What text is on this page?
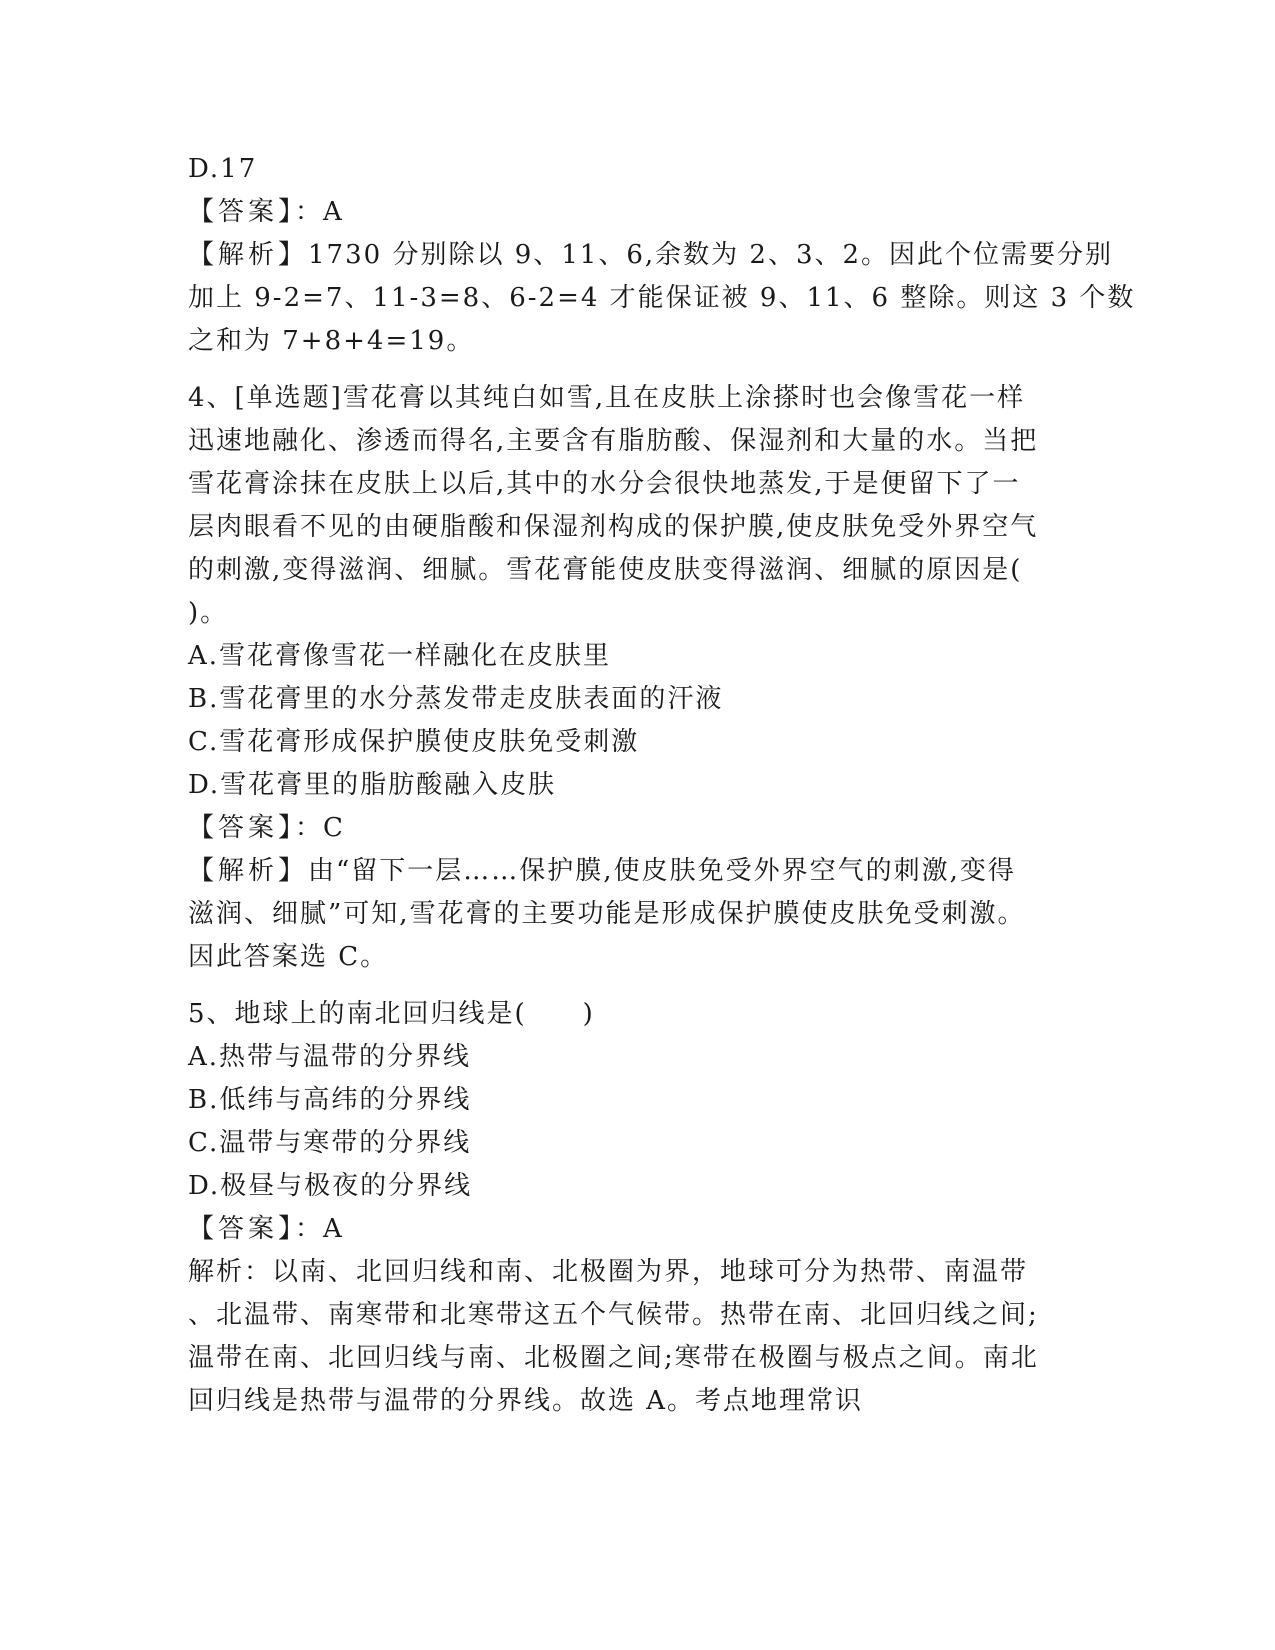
D.17
【答案】：A
【解析】1730 分别除以 9、11、6,余数为 2、3、2。因此个位需要分别
加上 9-2=7、11-3=8、6-2=4 才能保证被 9、11、6 整除。则这 3 个数
之和为 7+8+4=19。
4、[单选题]雪花膏以其纯白如雪,且在皮肤上涂搽时也会像雪花一样
迅速地融化、渗透而得名,主要含有脂肪酸、保湿剂和大量的水。当把
雪花膏涂抹在皮肤上以后,其中的水分会很快地蒸发,于是便留下了一
层肉眼看不见的由硬脂酸和保湿剂构成的保护膜,使皮肤免受外界空气
的刺激,变得滋润、细腻。雪花膏能使皮肤变得滋润、细腻的原因是(
)。
A.雪花膏像雪花一样融化在皮肤里
B.雪花膏里的水分蒸发带走皮肤表面的汗液
C.雪花膏形成保护膜使皮肤免受刺激
D.雪花膏里的脂肪酸融入皮肤
【答案】：C
【解析】由“留下一层……保护膜,使皮肤免受外界空气的刺激,变得
滋润、细腻”可知,雪花膏的主要功能是形成保护膜使皮肤免受刺激。
因此答案选 C。
5、地球上的南北回归线是(　　)
A.热带与温带的分界线
B.低纬与高纬的分界线
C.温带与寒带的分界线
D.极昼与极夜的分界线
【答案】：A
解析：以南、北回归线和南、北极圈为界，地球可分为热带、南温带
、北温带、南寒带和北寒带这五个气候带。热带在南、北回归线之间;
温带在南、北回归线与南、北极圈之间;寒带在极圈与极点之间。南北
回归线是热带与温带的分界线。故选 A。考点地理常识
